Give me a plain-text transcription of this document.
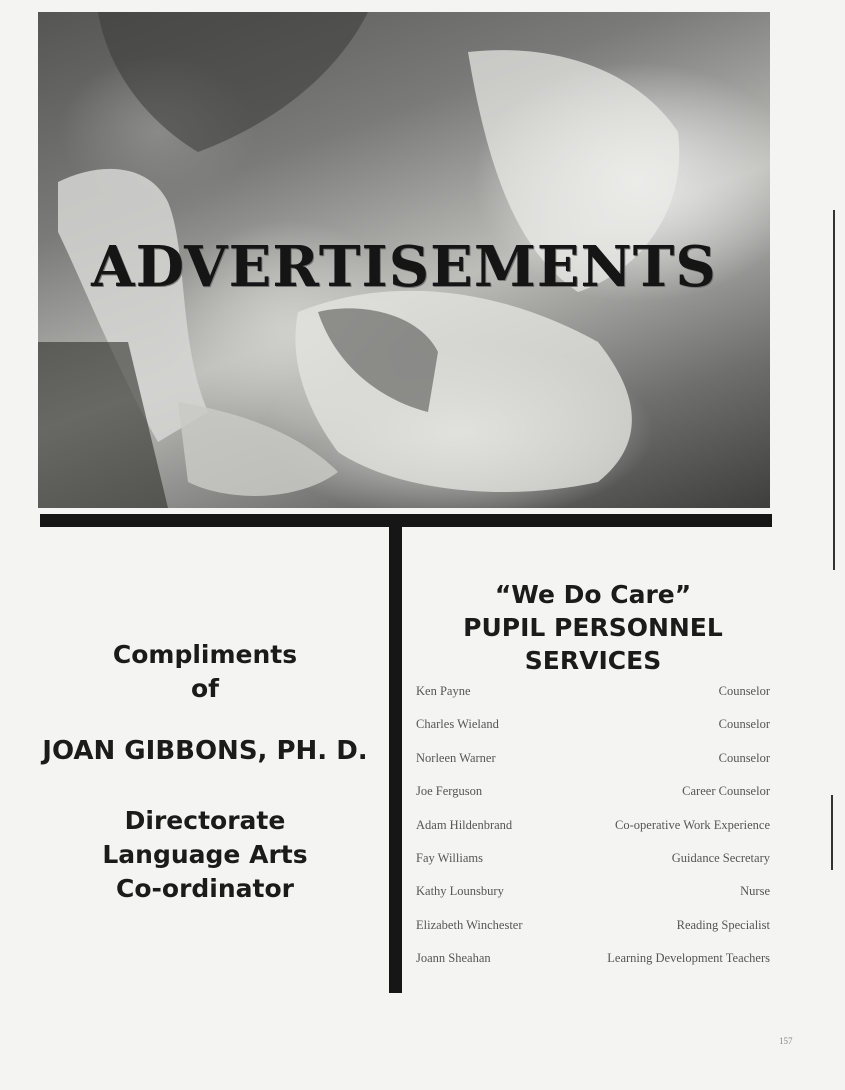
ADVERTISEMENTS
Compliments
of
JOAN GIBBONS, PH. D.
Directorate
Language Arts
Co-ordinator
“We Do Care”
PUPIL PERSONNEL
SERVICES
Ken Payne	Counselor
Charles Wieland	Counselor
Norleen Warner	Counselor
Joe Ferguson	Career Counselor
Adam Hildenbrand	Co-operative Work Experience
Fay Williams	Guidance Secretary
Kathy Lounsbury	Nurse
Elizabeth Winchester	Reading Specialist
Joann Sheahan	Learning Development Teachers
157
